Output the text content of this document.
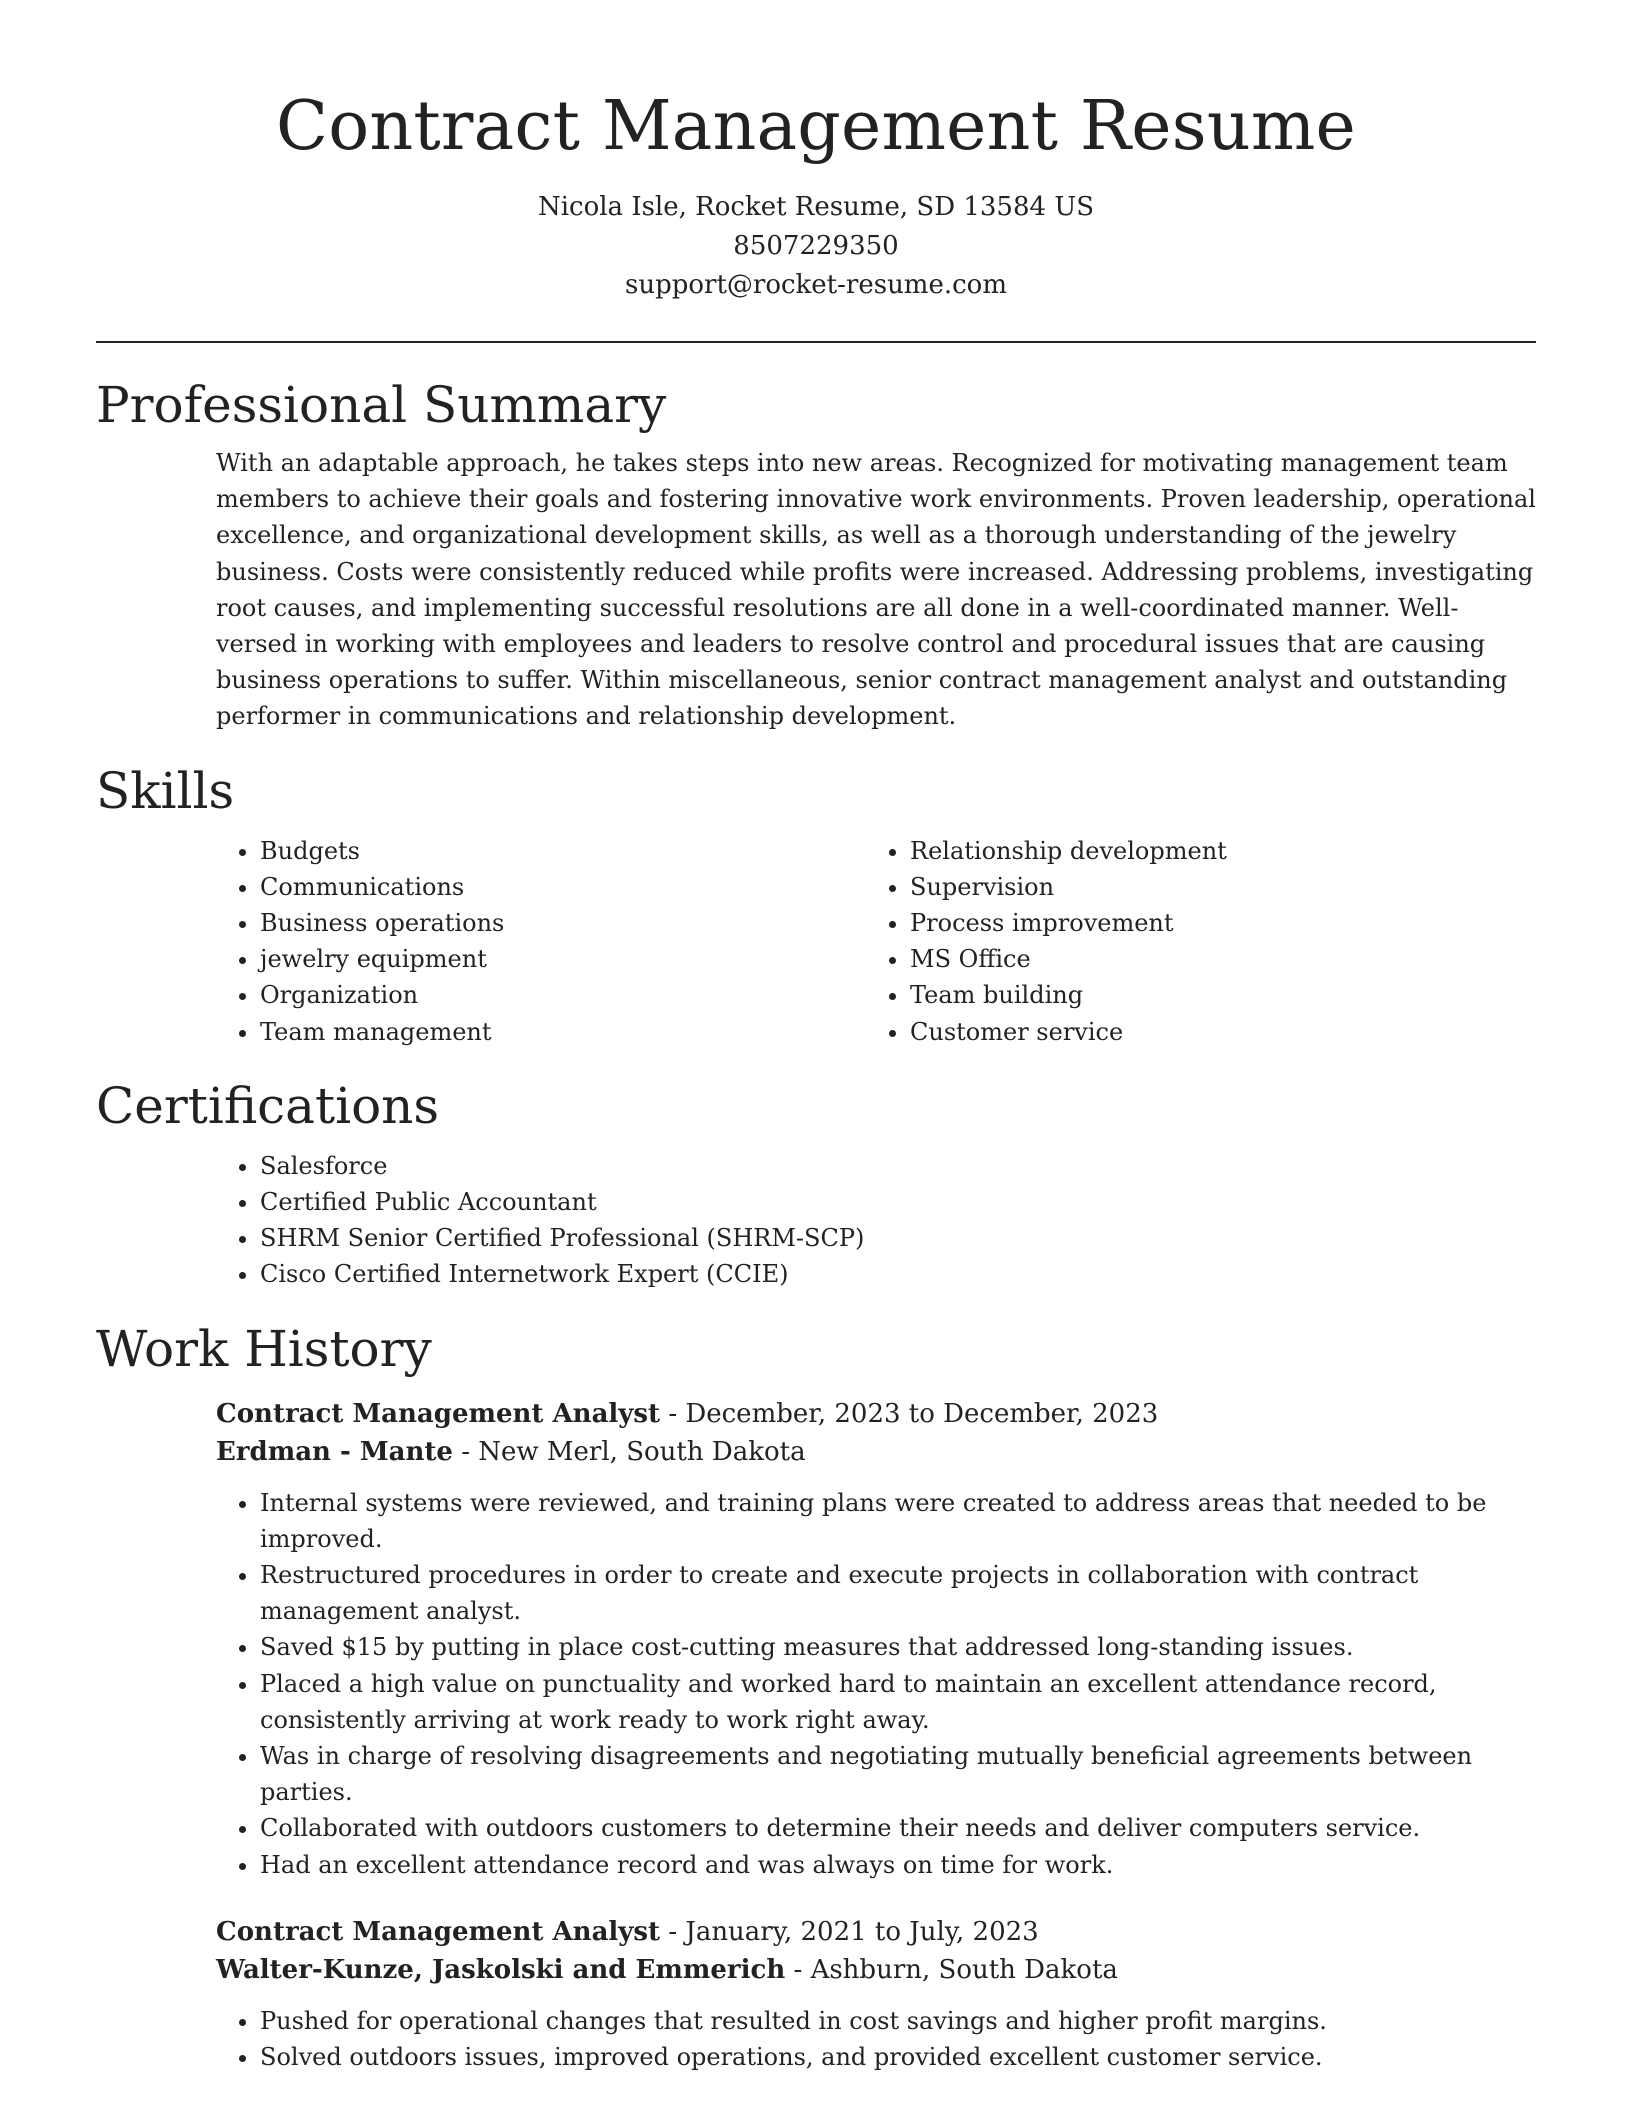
Contract Management Resume

Nicola Isle, Rocket Resume, SD 13584 US

8507229350

support@rocket-resume.com

Professional Summary

With an adaptable approach, he takes steps into new areas. Recognized for motivating management team members to achieve their goals and fostering innovative work environments. Proven leadership, operational excellence, and organizational development skills, as well as a thorough understanding of the jewelry business. Costs were consistently reduced while profits were increased. Addressing problems, investigating root causes, and implementing successful resolutions are all done in a well-coordinated manner. Well-versed in working with employees and leaders to resolve control and procedural issues that are causing business operations to suffer. Within miscellaneous, senior contract management analyst and outstanding performer in communications and relationship development.

Skills
• Budgets
• Communications
• Business operations
• jewelry equipment
• Organization
• Team management
• Relationship development
• Supervision
• Process improvement
• MS Office
• Team building
• Customer service
Certifications
• Salesforce
• Certified Public Accountant
• SHRM Senior Certified Professional (SHRM-SCP)
• Cisco Certified Internetwork Expert (CCIE)
Work History

Contract Management Analyst - December, 2023 to December, 2023

Erdman - Mante - New Merl, South Dakota

• Internal systems were reviewed, and training plans were created to address areas that needed to be improved.
• Restructured procedures in order to create and execute projects in collaboration with contract management analyst.
• Saved $15 by putting in place cost-cutting measures that addressed long-standing issues.
• Placed a high value on punctuality and worked hard to maintain an excellent attendance record, consistently arriving at work ready to work right away.
• Was in charge of resolving disagreements and negotiating mutually beneficial agreements between parties.
• Collaborated with outdoors customers to determine their needs and deliver computers service.
• Had an excellent attendance record and was always on time for work.

Contract Management Analyst - January, 2021 to July, 2023

Walter-Kunze, Jaskolski and Emmerich - Ashburn, South Dakota

• Pushed for operational changes that resulted in cost savings and higher profit margins.
• Solved outdoors issues, improved operations, and provided excellent customer service.
